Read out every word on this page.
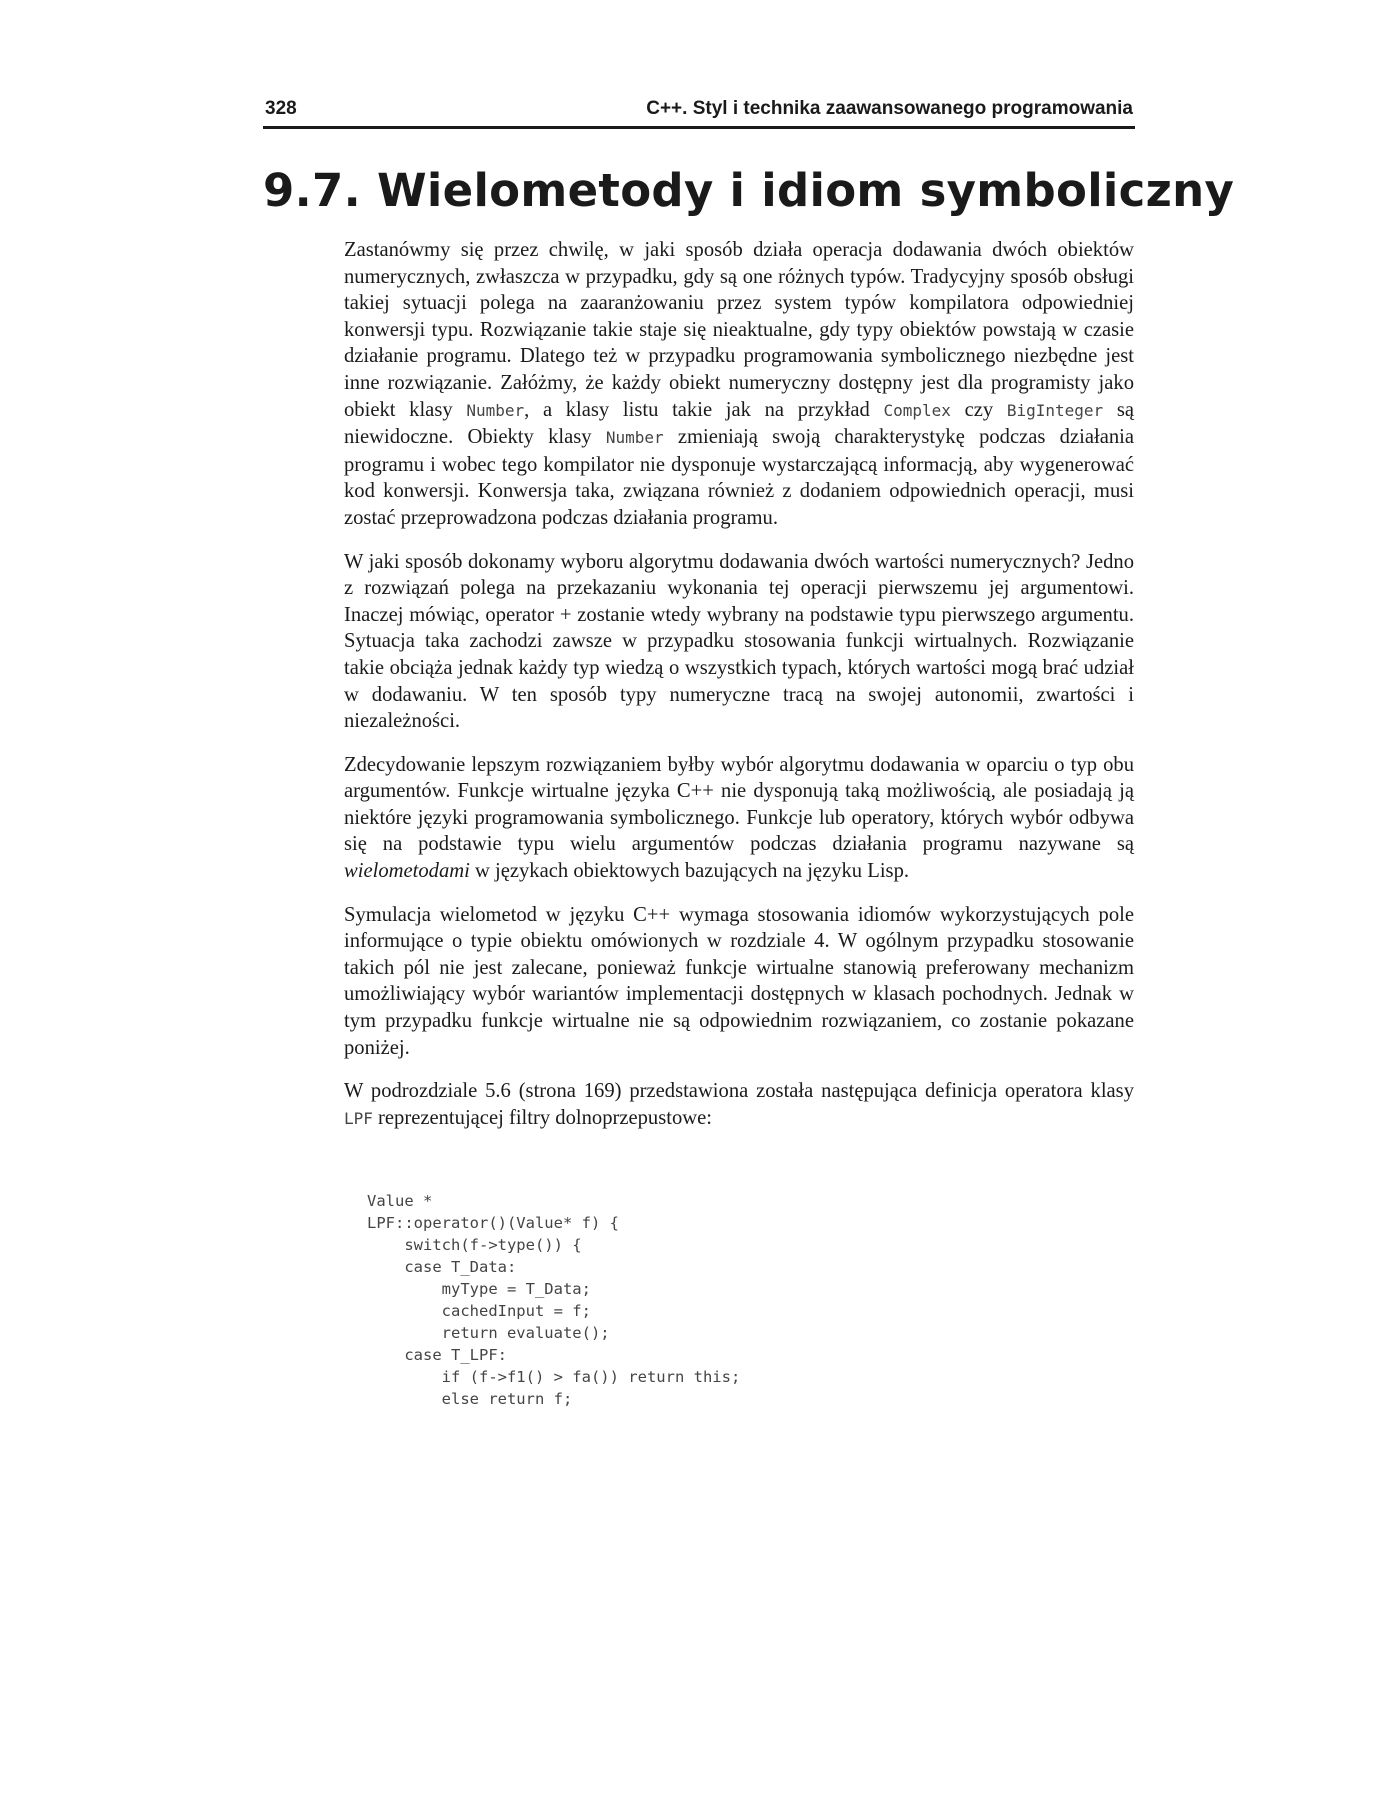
328	C++. Styl i technika zaawansowanego programowania
9.7. Wielometody i idiom symboliczny

Zastanówmy się przez chwilę, w jaki sposób działa operacja dodawania dwóch obiektów numerycznych, zwłaszcza w przypadku, gdy są one różnych typów. Tradycyjny sposób obsługi takiej sytuacji polega na zaaranżowaniu przez system typów kompilatora odpowiedniej konwersji typu. Rozwiązanie takie staje się nieaktualne, gdy typy obiektów powstają w czasie działanie programu. Dlatego też w przypadku programowania symbolicznego niezbędne jest inne rozwiązanie. Załóżmy, że każdy obiekt numeryczny dostępny jest dla programisty jako obiekt klasy Number, a klasy listu takie jak na przykład Complex czy BigInteger są niewidoczne. Obiekty klasy Number zmieniają swoją charakterystykę podczas działania programu i wobec tego kompilator nie dysponuje wystarczającą informacją, aby wygenerować kod konwersji. Konwersja taka, związana również z dodaniem odpowiednich operacji, musi zostać przeprowadzona podczas działania programu.

W jaki sposób dokonamy wyboru algorytmu dodawania dwóch wartości numerycznych? Jedno z rozwiązań polega na przekazaniu wykonania tej operacji pierwszemu jej argumentowi. Inaczej mówiąc, operator + zostanie wtedy wybrany na podstawie typu pierwszego argumentu. Sytuacja taka zachodzi zawsze w przypadku stosowania funkcji wirtualnych. Rozwiązanie takie obciąża jednak każdy typ wiedzą o wszystkich typach, których wartości mogą brać udział w dodawaniu. W ten sposób typy numeryczne tracą na swojej autonomii, zwartości i niezależności.

Zdecydowanie lepszym rozwiązaniem byłby wybór algorytmu dodawania w oparciu o typ obu argumentów. Funkcje wirtualne języka C++ nie dysponują taką możliwością, ale posiadają ją niektóre języki programowania symbolicznego. Funkcje lub operatory, których wybór odbywa się na podstawie typu wielu argumentów podczas działania programu nazywane są wielometodami w językach obiektowych bazujących na języku Lisp.

Symulacja wielometod w języku C++ wymaga stosowania idiomów wykorzystujących pole informujące o typie obiektu omówionych w rozdziale 4. W ogólnym przypadku stosowanie takich pól nie jest zalecane, ponieważ funkcje wirtualne stanowią preferowany mechanizm umożliwiający wybór wariantów implementacji dostępnych w klasach pochodnych. Jednak w tym przypadku funkcje wirtualne nie są odpowiednim rozwiązaniem, co zostanie pokazane poniżej.

W podrozdziale 5.6 (strona 169) przedstawiona została następująca definicja operatora klasy LPF reprezentującej filtry dolnoprzepustowe:

Value *
LPF::operator()(Value* f) {
switch(f->type()) {
case T_Data:
myType = T_Data;
cachedInput = f;
return evaluate();
case T_LPF:
if (f->f1() > fa()) return this;
else return f;
